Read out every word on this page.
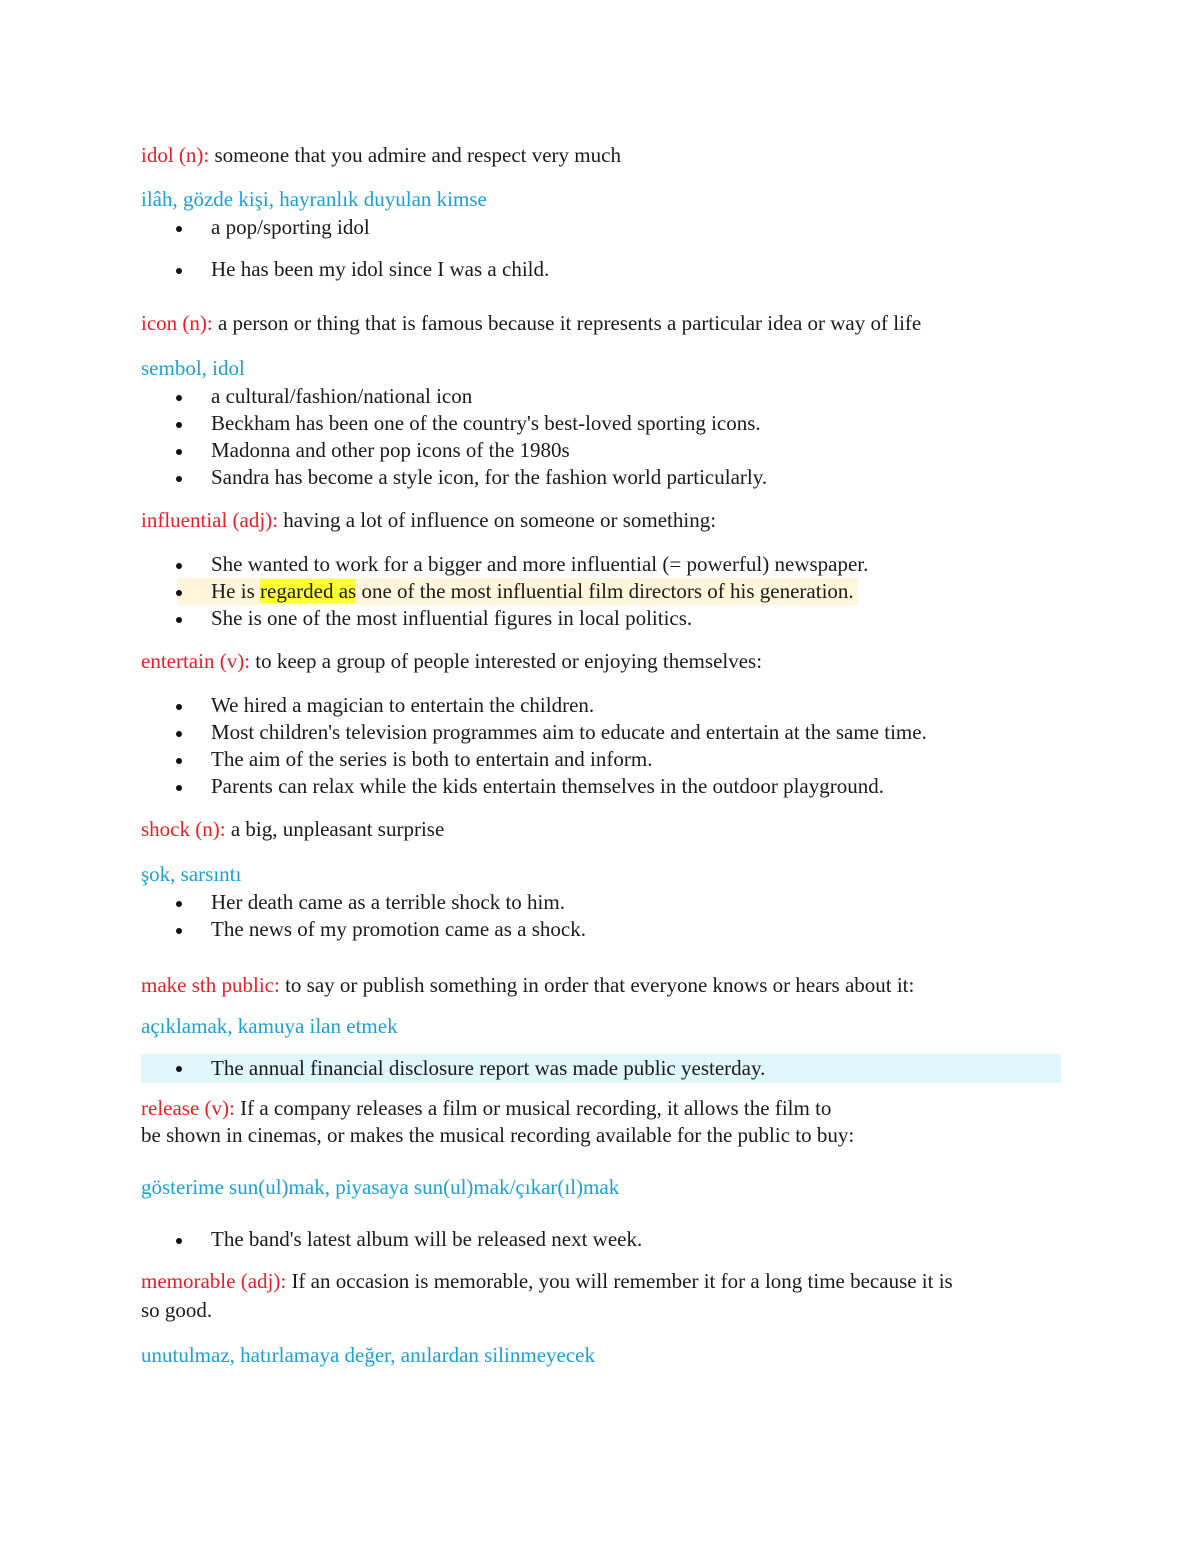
idol (n): someone that you admire and respect very much

ilâh, gözde kişi, hayranlık duyulan kimse

a pop/sporting idol
He has been my idol since I was a child.

icon (n): a person or thing that is famous because it represents a particular idea or way of life

sembol, idol

a cultural/fashion/national icon
Beckham has been one of the country's best-loved sporting icons.
Madonna and other pop icons of the 1980s
Sandra has become a style icon, for the fashion world particularly.

influential (adj): having a lot of influence on someone or something:

She wanted to work for a bigger and more influential (= powerful) newspaper.
He is regarded as one of the most influential film directors of his generation.
She is one of the most influential figures in local politics.

entertain (v): to keep a group of people interested or enjoying themselves:

We hired a magician to entertain the children.
Most children's television programmes aim to educate and entertain at the same time.
The aim of the series is both to entertain and inform.
Parents can relax while the kids entertain themselves in the outdoor playground.

shock (n): a big, unpleasant surprise

şok, sarsıntı

Her death came as a terrible shock to him.
The news of my promotion came as a shock.

make sth public: to say or publish something in order that everyone knows or hears about it:

açıklamak, kamuya ilan etmek

The annual financial disclosure report was made public yesterday.

release (v): If a company releases a film or musical recording, it allows the film to
be shown in cinemas, or makes the musical recording available for the public to buy:

gösterime sun(ul)mak, piyasaya sun(ul)mak/çıkar(ıl)mak

The band's latest album will be released next week.

memorable (adj): If an occasion is memorable, you will remember it for a long time because it is
so good.

unutulmaz, hatırlamaya değer, anılardan silinmeyecek
